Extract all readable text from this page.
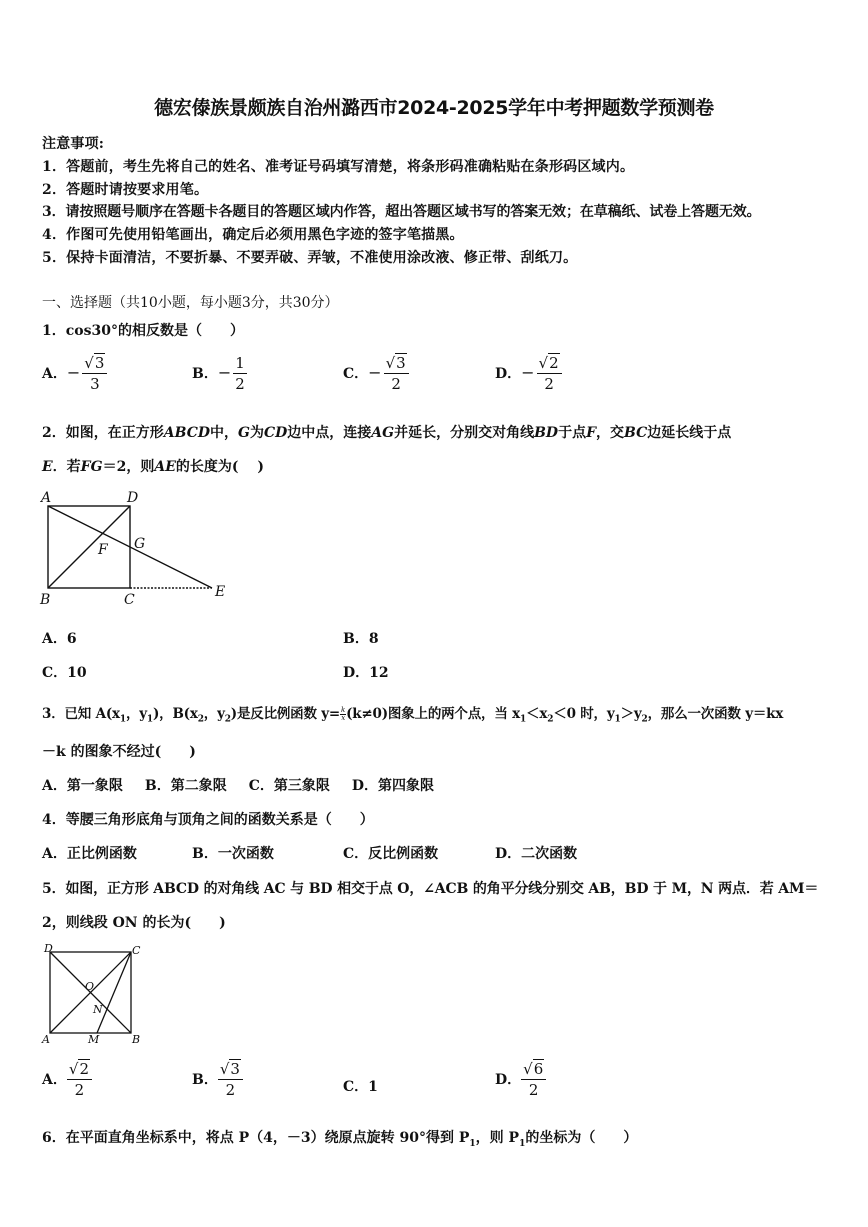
德宏傣族景颇族自治州潞西市2024-2025学年中考押题数学预测卷
注意事项:
1．答题前，考生先将自己的姓名、准考证号码填写清楚，将条形码准确粘贴在条形码区域内。
2．答题时请按要求用笔。
3．请按照题号顺序在答题卡各题目的答题区域内作答，超出答题区域书写的答案无效；在草稿纸、试卷上答题无效。
4．作图可先使用铅笔画出，确定后必须用黑色字迹的签字笔描黑。
5．保持卡面清洁，不要折暴、不要弄破、弄皱，不准使用涂改液、修正带、刮纸刀。
一、选择题（共10小题，每小题3分，共30分）
1．cos30°的相反数是（　　）
A．− $\frac{√3}{3}$	B．− $\frac{1}{2}$	C．− $\frac{√3}{2}$	D．− $\frac{√2}{2}$
2．如图，在正方形ABCD中，G为CD边中点，连接AG并延长，分别交对角线BD于点F，交BC边延长线于点
E．若FG＝2，则AE的长度为(　 )
A	D
G
F
B	C	E
A．6	B．8
C．10	D．12
3．已知 $A(x_1$，$y_1$)，$B(x_2$，$y_2$)是反比例函数 $y= \frac{k}{x} (k\ne 0)$图象上的两个点，当 $x_1<x_2<0$ 时，$y_1>y_2$，那么一次函数 y＝kx
－k 的图象不经过(　　)
A．第一象限 B．第二象限 C．第三象限 D．第四象限
4．等腰三角形底角与顶角之间的函数关系是（　　）
A．正比例函数	B．一次函数	C．反比例函数	D．二次函数
5．如图，正方形 ABCD 的对角线 AC 与 BD 相交于点 O，∠ACB 的角平分线分别交 AB，BD 于 M，N 两点．若 AM＝
2，则线段 ON 的长为(　　)
D	C
O
N
A	M	B
A． $\frac{√2}{2}$	B． $\frac{√3}{2}$	C．1	D． $\frac{√6}{2}$
6．在平面直角坐标系中，将点 P（4，－3）绕原点旋转 90°得到 $P_1$，则 $P_1$的坐标为（　　）
